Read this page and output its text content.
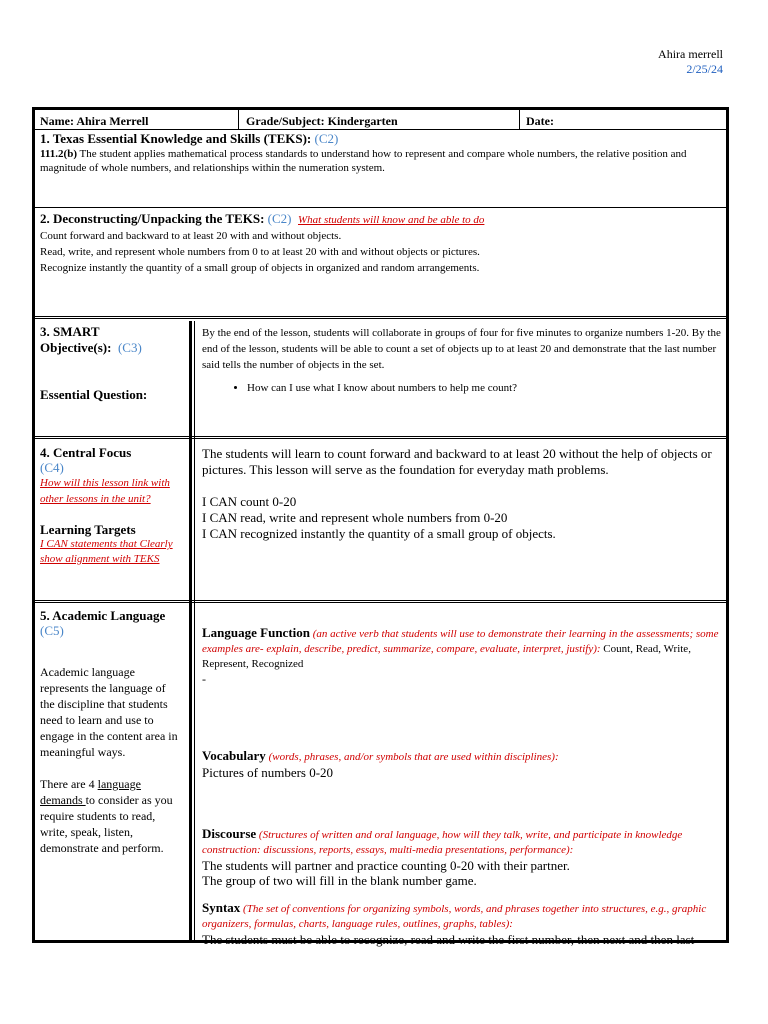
Ahira merrell
2/25/24
Name: Ahira Merrell	Grade/Subject: Kindergarten	Date:

1. Texas Essential Knowledge and Skills (TEKS): (C2)

111.2(b) The student applies mathematical process standards to understand how to represent and compare whole numbers, the relative position and magnitude of whole numbers, and relationships within the numeration system.

2. Deconstructing/Unpacking the TEKS: (C2) What students will know and be able to do

Count forward and backward to at least 20 with and without objects.

Read, write, and represent whole numbers from 0 to at least 20 with and without objects or pictures.

Recognize instantly the quantity of a small group of objects in organized and random arrangements.

3. SMART

Objective(s): (C3)

Essential Question:

By the end of the lesson, students will collaborate in groups of four for five minutes to organize numbers 1-20. By the end of the lesson, students will be able to count a set of objects up to at least 20 and demonstrate that the last number said tells the number of objects in the set.

• How can I use what I know about numbers to help me count?

4. Central Focus

(C4)

How will this lesson link with other lessons in the unit?

Learning Targets

I CAN statements that Clearly show alignment with TEKS

The students will learn to count forward and backward to at least 20 without the help of objects or pictures. This lesson will serve as the foundation for everyday math problems.

I CAN count 0-20

I CAN read, write and represent whole numbers from 0-20

I CAN recognized instantly the quantity of a small group of objects.

5. Academic Language

(C5)

Academic language represents the language of the discipline that students need to learn and use to engage in the content area in meaningful ways.

There are 4 language demands to consider as you require students to read, write, speak, listen, demonstrate and perform.

Language Function (an active verb that students will use to demonstrate their learning in the assessments; some examples are- explain, describe, predict, summarize, compare, evaluate, interpret, justify): Count, Read, Write, Represent, Recognized

-

Vocabulary (words, phrases, and/or symbols that are used within disciplines):

Pictures of numbers 0-20

Discourse (Structures of written and oral language, how will they talk, write, and participate in knowledge construction: discussions, reports, essays, multi-media presentations, performance):

The students will partner and practice counting 0-20 with their partner.

The group of two will fill in the blank number game.

Syntax (The set of conventions for organizing symbols, words, and phrases together into structures, e.g., graphic organizers, formulas, charts, language rules, outlines, graphs, tables):

The students must be able to recognize, read and write the first number, then next and then last
